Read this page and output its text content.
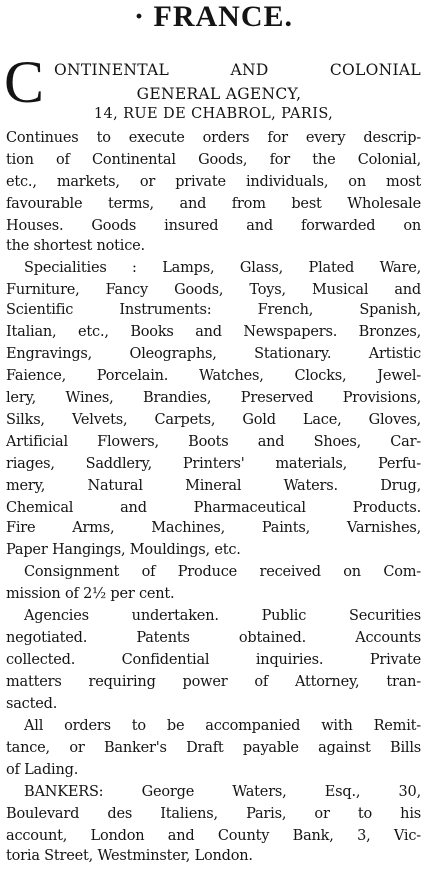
· FRANCE.
C ONTINENTAL AND COLONIAL
GENERAL AGENCY,
14, RUE DE CHABROL, PARIS,
Continues to execute orders for every descrip-
tion of Continental Goods, for the Colonial,
etc., markets, or private individuals, on most
favourable terms, and from best Wholesale
Houses. Goods insured and forwarded on
the shortest notice.
Specialities : Lamps, Glass, Plated Ware,
Furniture, Fancy Goods, Toys, Musical and
Scientific Instruments: French, Spanish,
Italian, etc., Books and Newspapers. Bronzes,
Engravings, Oleographs, Stationary. Artistic
Faience, Porcelain. Watches, Clocks, Jewel-
lery, Wines, Brandies, Preserved Provisions,
Silks, Velvets, Carpets, Gold Lace, Gloves,
Artificial Flowers, Boots and Shoes, Car-
riages, Saddlery, Printers' materials, Perfu-
mery, Natural Mineral Waters. Drug,
Chemical and Pharmaceutical Products.
Fire Arms, Machines, Paints, Varnishes,
Paper Hangings, Mouldings, etc.
Consignment of Produce received on Com-
mission of 2½ per cent.
Agencies undertaken. Public Securities
negotiated. Patents obtained. Accounts
collected. Confidential inquiries. Private
matters requiring power of Attorney, tran-
sacted.
All orders to be accompanied with Remit-
tance, or Banker's Draft payable against Bills
of Lading.
BANKERS: George Waters, Esq., 30,
Boulevard des Italiens, Paris, or to his
account, London and County Bank, 3, Vic-
toria Street, Westminster, London.
